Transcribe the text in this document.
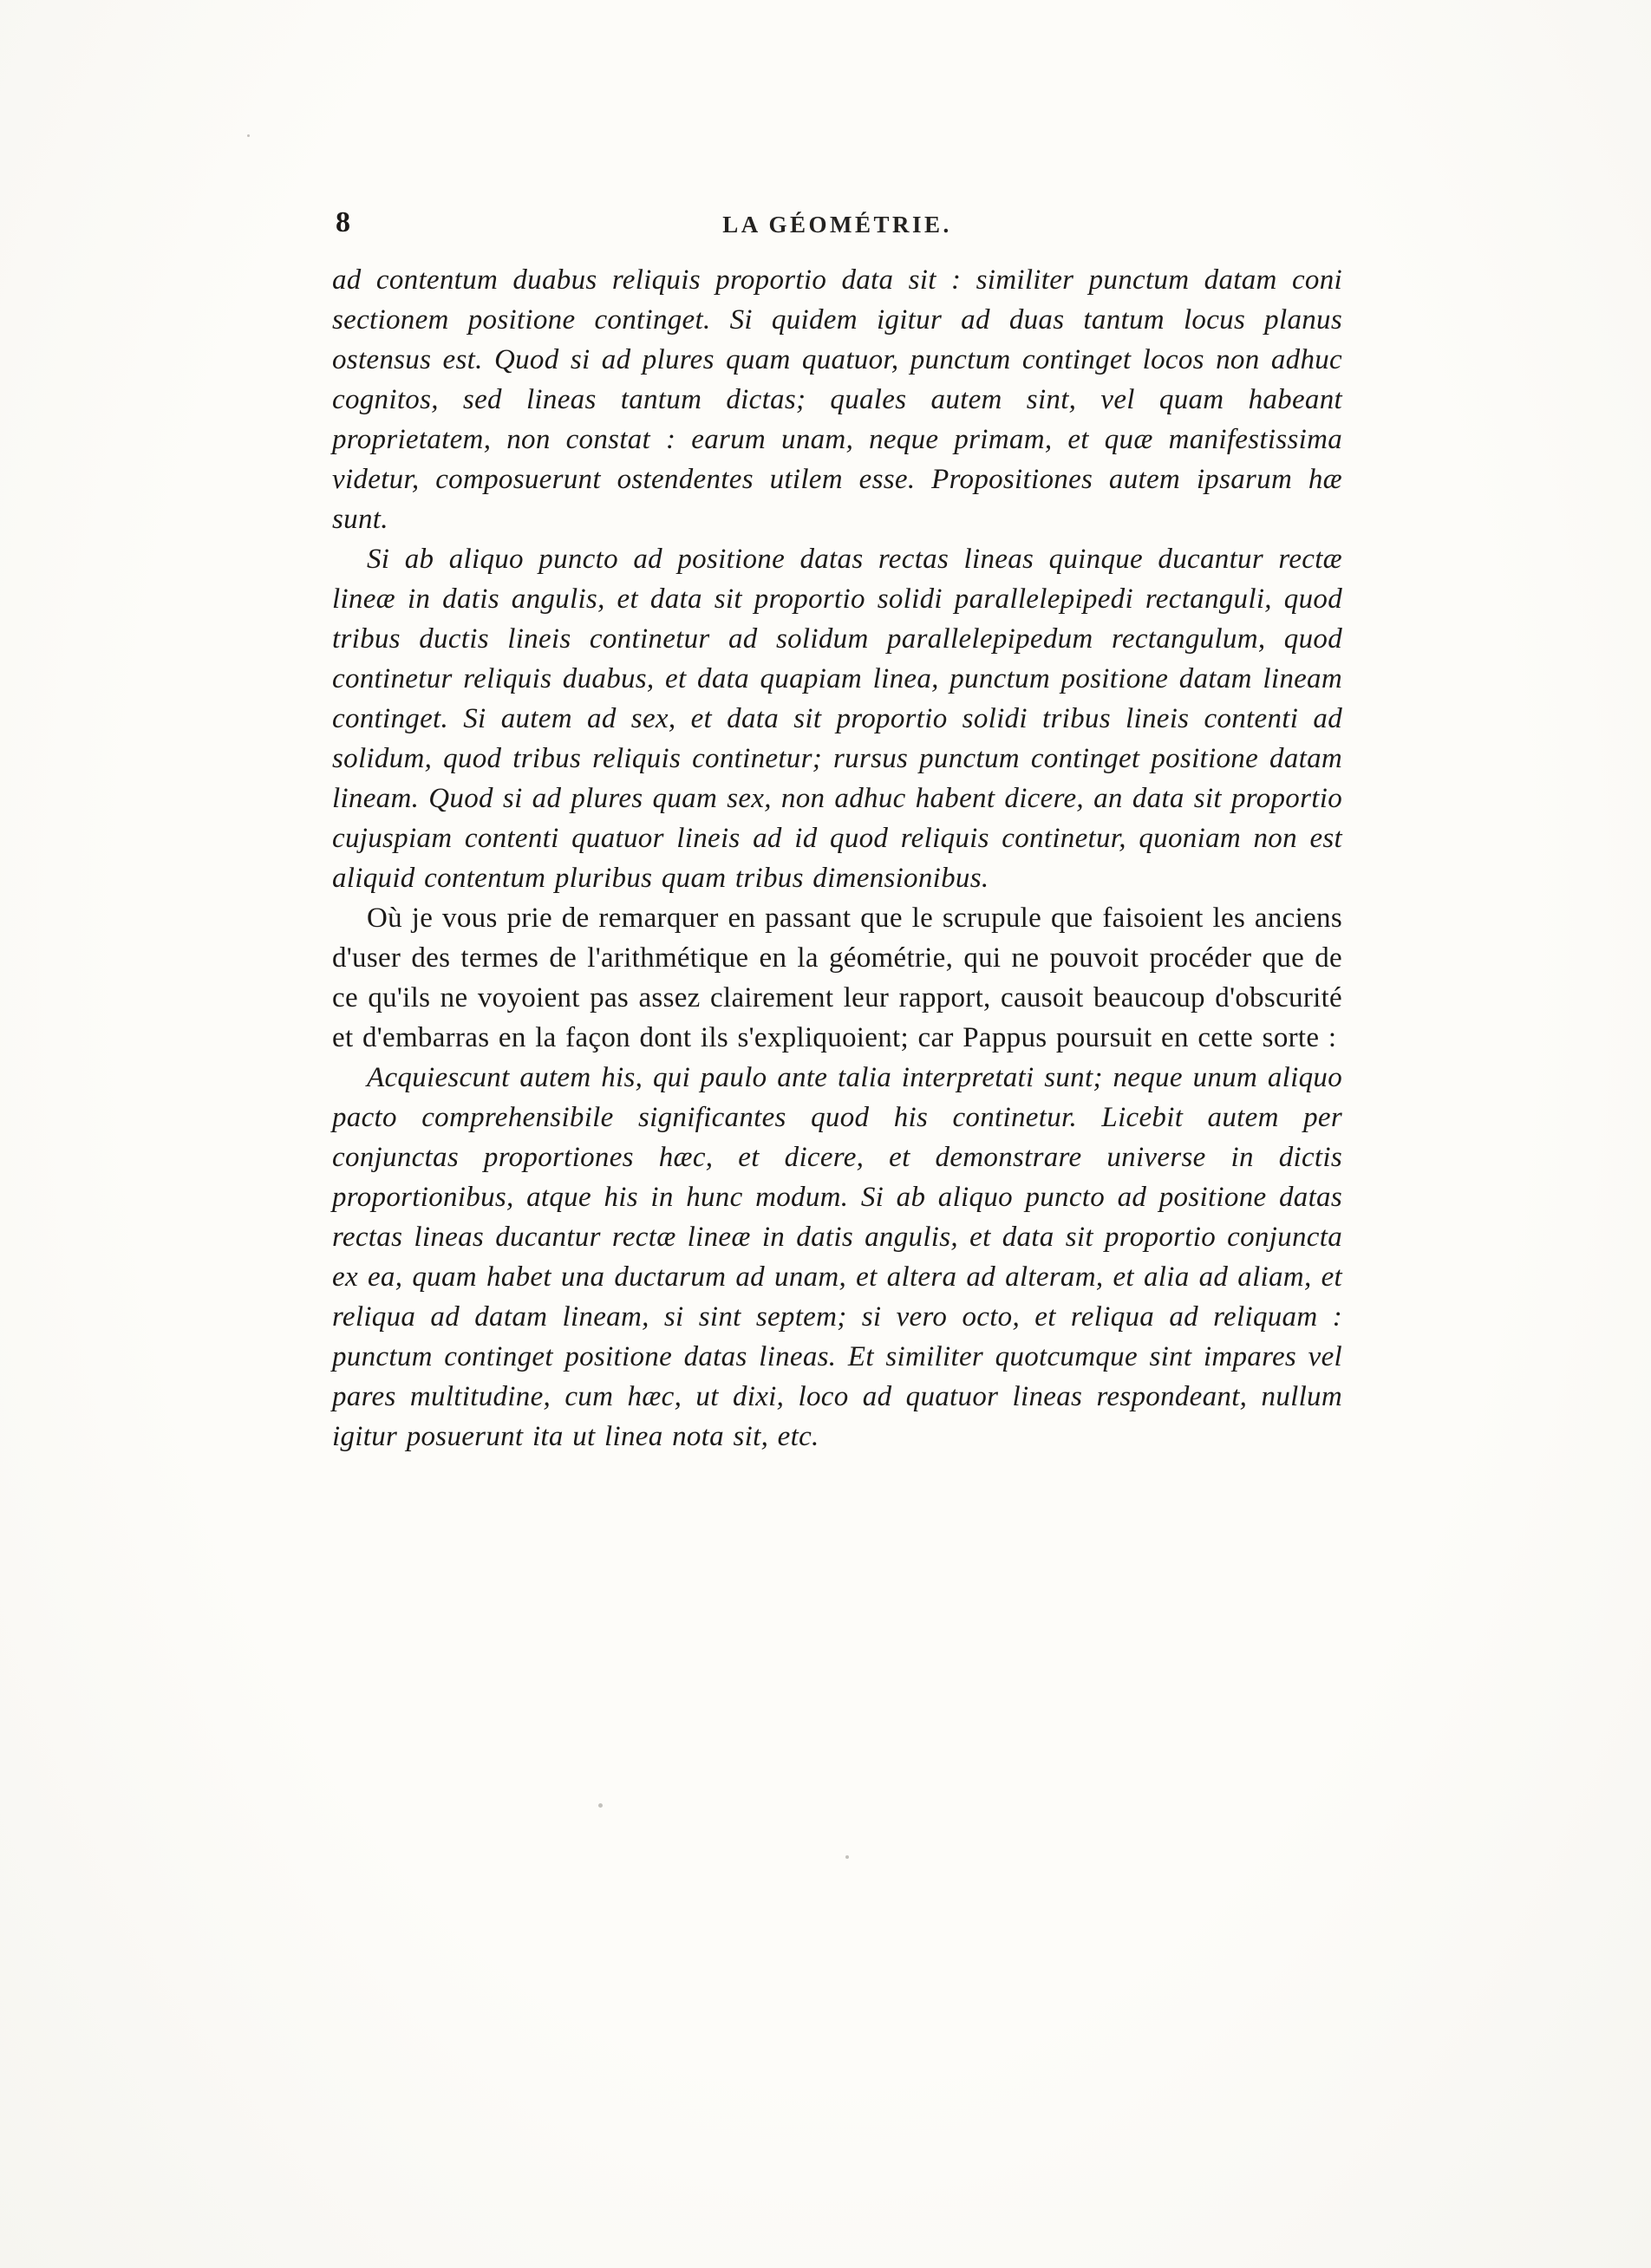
8	LA GÉOMÉTRIE.

ad contentum duabus reliquis proportio data sit : similiter punctum datam coni sectionem positione continget. Si quidem igitur ad duas tantum locus planus ostensus est. Quod si ad plures quam quatuor, punctum continget locos non adhuc cognitos, sed lineas tantum dictas; quales autem sint, vel quam habeant proprietatem, non constat : earum unam, neque primam, et quæ manifestissima videtur, composuerunt ostendentes utilem esse. Propositiones autem ipsarum hæ sunt.

Si ab aliquo puncto ad positione datas rectas lineas quinque ducantur rectæ lineæ in datis angulis, et data sit proportio solidi parallelepipedi rectanguli, quod tribus ductis lineis continetur ad solidum parallelepipedum rectangulum, quod continetur reliquis duabus, et data quapiam linea, punctum positione datam lineam continget. Si autem ad sex, et data sit proportio solidi tribus lineis contenti ad solidum, quod tribus reliquis continetur; rursus punctum continget positione datam lineam. Quod si ad plures quam sex, non adhuc habent dicere, an data sit proportio cujuspiam contenti quatuor lineis ad id quod reliquis continetur, quoniam non est aliquid contentum pluribus quam tribus dimensionibus.

Où je vous prie de remarquer en passant que le scrupule que faisoient les anciens d'user des termes de l'arithmétique en la géométrie, qui ne pouvoit procéder que de ce qu'ils ne voyoient pas assez clairement leur rapport, causoit beaucoup d'obscurité et d'embarras en la façon dont ils s'expliquoient; car Pappus poursuit en cette sorte :

Acquiescunt autem his, qui paulo ante talia interpretati sunt; neque unum aliquo pacto comprehensibile significantes quod his continetur. Licebit autem per conjunctas proportiones hæc, et dicere, et demonstrare universe in dictis proportionibus, atque his in hunc modum. Si ab aliquo puncto ad positione datas rectas lineas ducantur rectæ lineæ in datis angulis, et data sit proportio conjuncta ex ea, quam habet una ductarum ad unam, et altera ad alteram, et alia ad aliam, et reliqua ad datam lineam, si sint septem; si vero octo, et reliqua ad reliquam : punctum continget positione datas lineas. Et similiter quotcumque sint impares vel pares multitudine, cum hæc, ut dixi, loco ad quatuor lineas respondeant, nullum igitur posuerunt ita ut linea nota sit, etc.
